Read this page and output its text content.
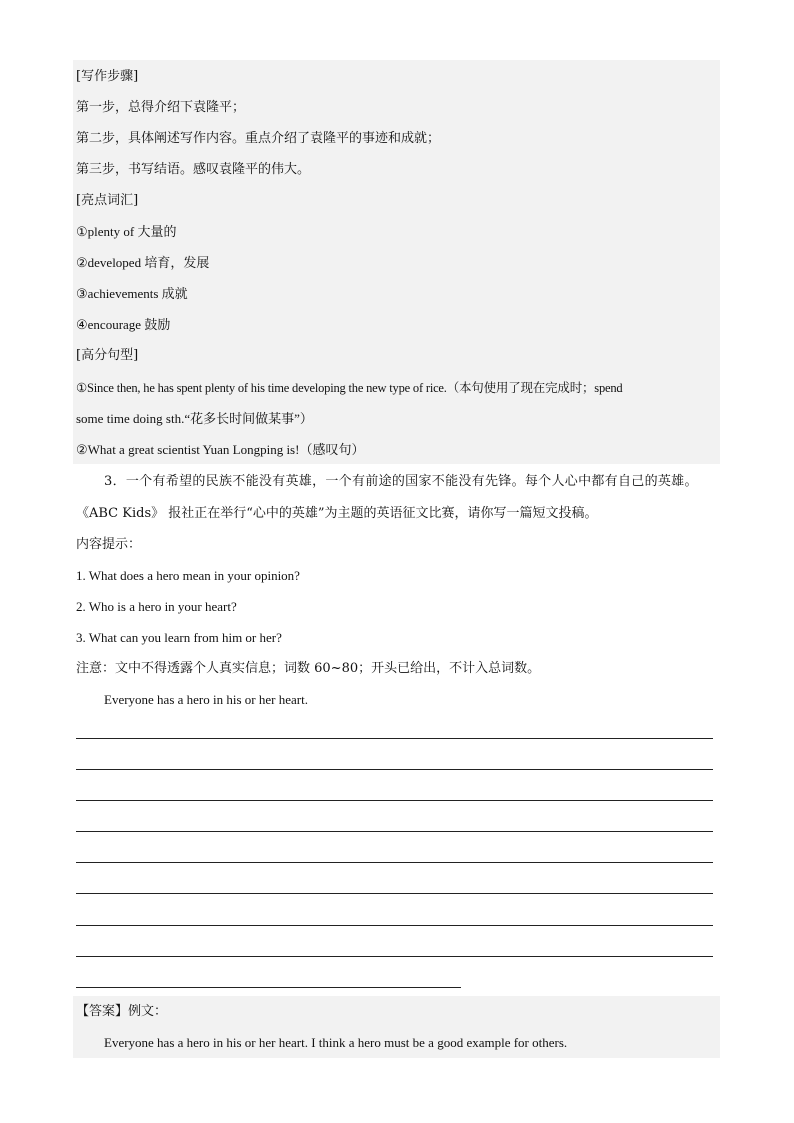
[写作步骤]
第一步，总得介绍下袁隆平；
第二步，具体阐述写作内容。重点介绍了袁隆平的事迹和成就；
第三步，书写结语。感叹袁隆平的伟大。
[亮点词汇]
①plenty of 大量的
②developed 培育，发展
③achievements 成就
④encourage 鼓励
[高分句型]
①Since then, he has spent plenty of his time developing the new type of rice.（本句使用了现在完成时；spend
some time doing sth.“花多长时间做某事”）
②What a great scientist Yuan Longping is!（感叹句）
3．一个有希望的民族不能没有英雄，一个有前途的国家不能没有先锋。每个人心中都有自己的英雄。
《ABC Kids》 报社正在举行“心中的英雄”为主题的英语征文比赛，请你写一篇短文投稿。
内容提示：
1. What does a hero mean in your opinion?
2. Who is a hero in your heart?
3. What can you learn from him or her?
注意：文中不得透露个人真实信息；词数 60~80；开头已给出，不计入总词数。
Everyone has a hero in his or her heart.
【答案】例文：
Everyone has a hero in his or her heart. I think a hero must be a good example for others.
